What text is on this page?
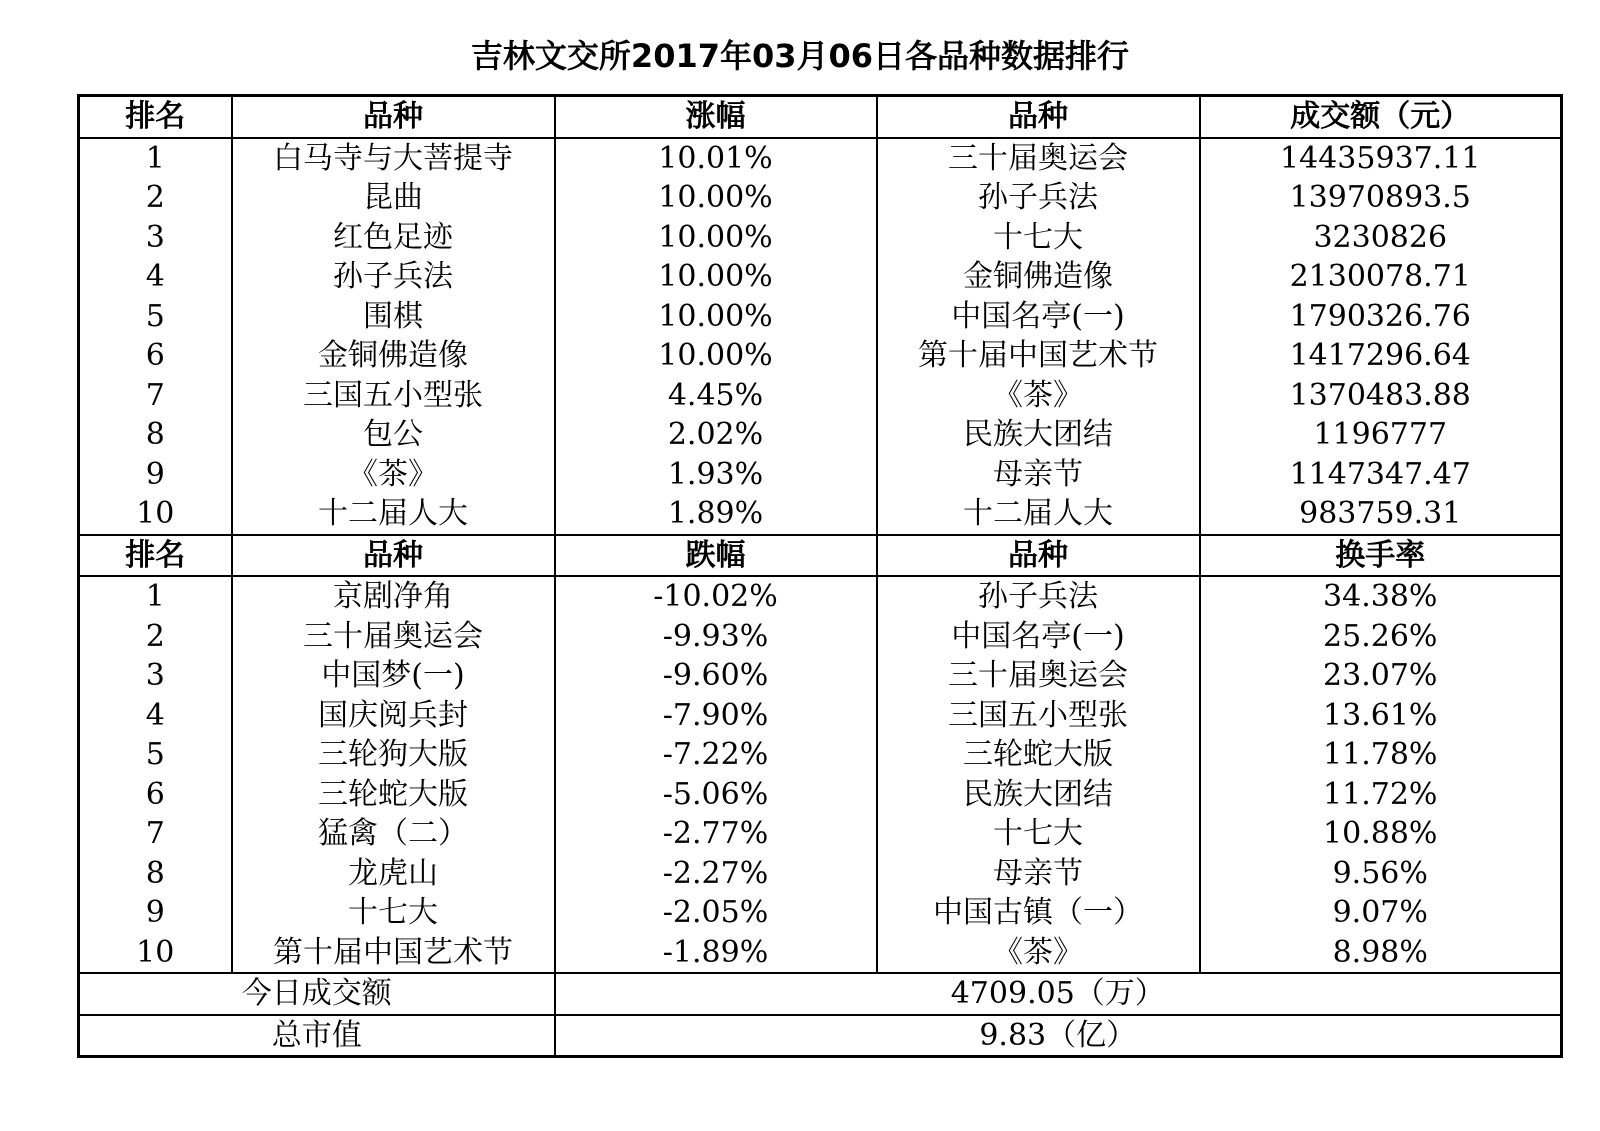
吉林文交所2017年03月06日各品种数据排行
排名	品种	涨幅	品种	成交额（元）
1	白马寺与大菩提寺	10.01%	三十届奥运会	14435937.11
2	昆曲	10.00%	孙子兵法	13970893.5
3	红色足迹	10.00%	十七大	3230826
4	孙子兵法	10.00%	金铜佛造像	2130078.71
5	围棋	10.00%	中国名亭(一)	1790326.76
6	金铜佛造像	10.00%	第十届中国艺术节	1417296.64
7	三国五小型张	4.45%	《茶》	1370483.88
8	包公	2.02%	民族大团结	1196777
9	《茶》	1.93%	母亲节	1147347.47
10	十二届人大	1.89%	十二届人大	983759.31
排名	品种	跌幅	品种	换手率
1	京剧净角	-10.02%	孙子兵法	34.38%
2	三十届奥运会	-9.93%	中国名亭(一)	25.26%
3	中国梦(一)	-9.60%	三十届奥运会	23.07%
4	国庆阅兵封	-7.90%	三国五小型张	13.61%
5	三轮狗大版	-7.22%	三轮蛇大版	11.78%
6	三轮蛇大版	-5.06%	民族大团结	11.72%
7	猛禽（二）	-2.77%	十七大	10.88%
8	龙虎山	-2.27%	母亲节	9.56%
9	十七大	-2.05%	中国古镇（一）	9.07%
10	第十届中国艺术节	-1.89%	《茶》	8.98%
今日成交额		4709.05（万）		
总市值		9.83（亿）		
